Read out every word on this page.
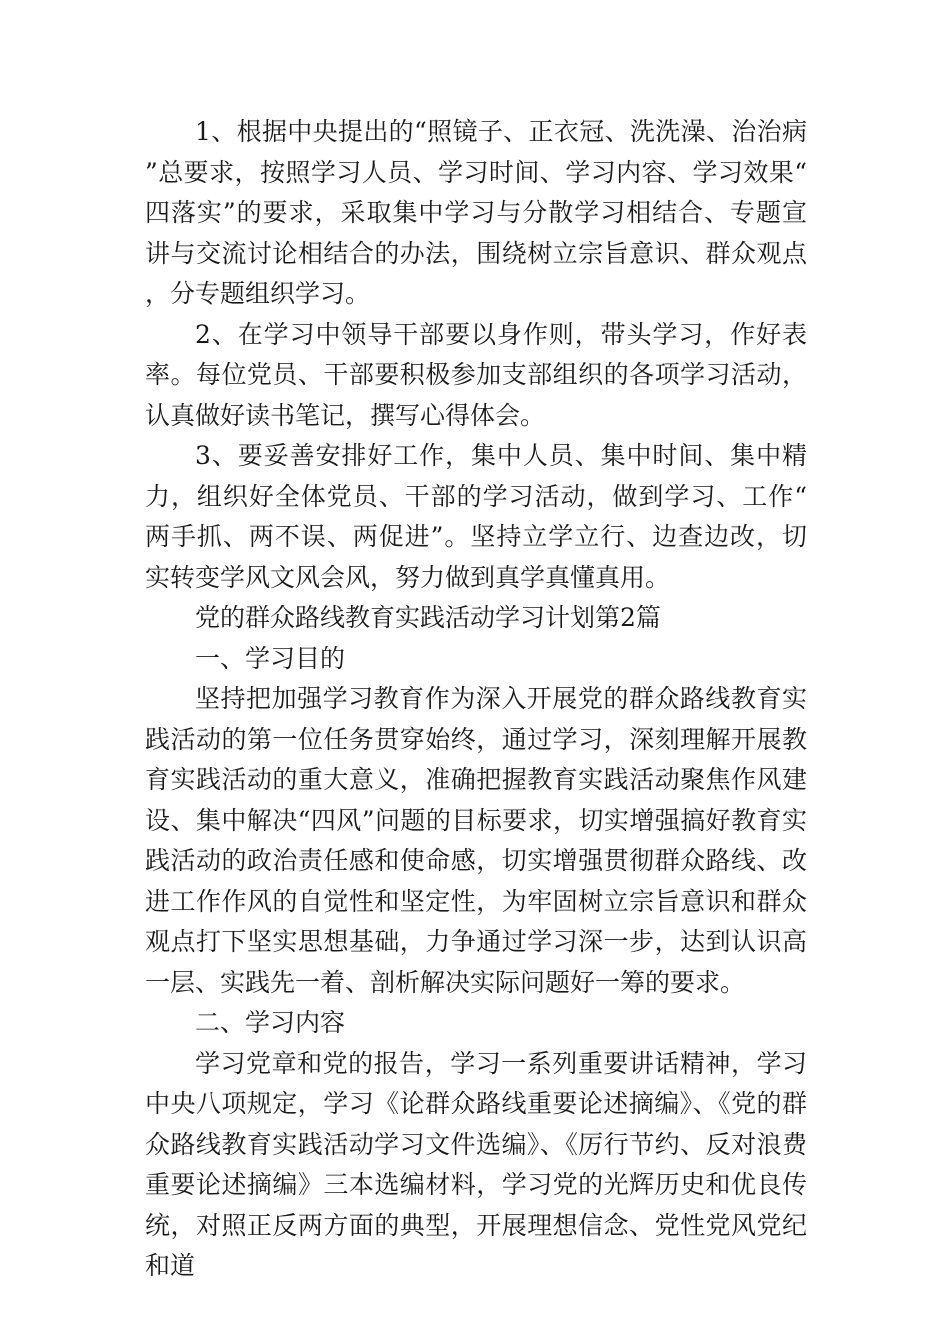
1、根据中央提出的“照镜子、正衣冠、洗洗澡、治治病”总要求，按照学习人员、学习时间、学习内容、学习效果“四落实”的要求，采取集中学习与分散学习相结合、专题宣讲与交流讨论相结合的办法，围绕树立宗旨意识、群众观点，分专题组织学习。

2、在学习中领导干部要以身作则，带头学习，作好表率。每位党员、干部要积极参加支部组织的各项学习活动，认真做好读书笔记，撰写心得体会。

3、要妥善安排好工作，集中人员、集中时间、集中精力，组织好全体党员、干部的学习活动，做到学习、工作“两手抓、两不误、两促进”。坚持立学立行、边查边改，切实转变学风文风会风，努力做到真学真懂真用。

党的群众路线教育实践活动学习计划第2篇

一、学习目的

坚持把加强学习教育作为深入开展党的群众路线教育实践活动的第一位任务贯穿始终，通过学习，深刻理解开展教育实践活动的重大意义，准确把握教育实践活动聚焦作风建设、集中解决“四风”问题的目标要求，切实增强搞好教育实践活动的政治责任感和使命感，切实增强贯彻群众路线、改进工作作风的自觉性和坚定性，为牢固树立宗旨意识和群众观点打下坚实思想基础，力争通过学习深一步，达到认识高一层、实践先一着、剖析解决实际问题好一筹的要求。

二、学习内容

学习党章和党的报告，学习一系列重要讲话精神，学习中央八项规定，学习《论群众路线重要论述摘编》、《党的群众路线教育实践活动学习文件选编》、《厉行节约、反对浪费重要论述摘编》三本选编材料，学习党的光辉历史和优良传统，对照正反两方面的典型，开展理想信念、党性党风党纪和道
